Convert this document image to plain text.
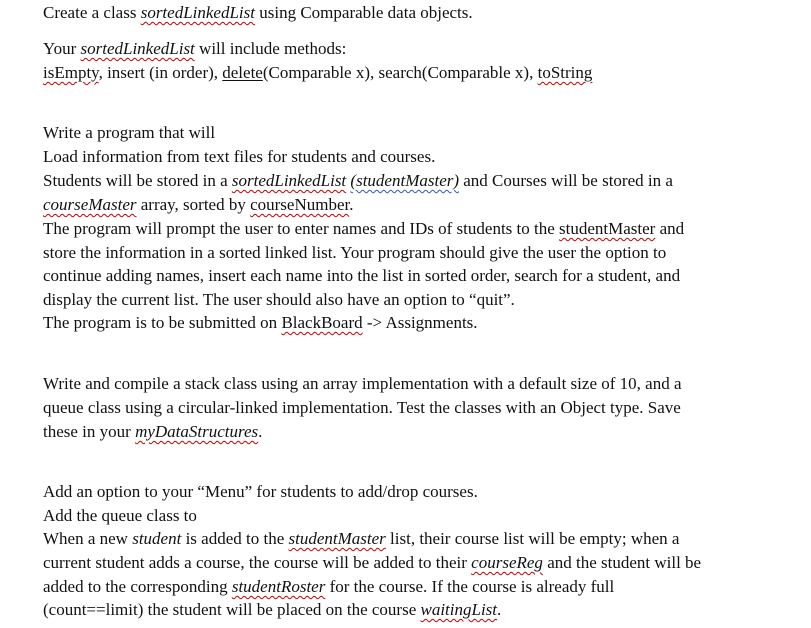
Create a class sortedLinkedList using Comparable data objects.

Your sortedLinkedList will include methods:

isEmpty, insert (in order), delete(Comparable x), search(Comparable x), toString

Write a program that will

Load information from text files for students and courses.

Students will be stored in a sortedLinkedList (studentMaster) and Courses will be stored in a

courseMaster array, sorted by courseNumber.

The program will prompt the user to enter names and IDs of students to the studentMaster and

store the information in a sorted linked list. Your program should give the user the option to

continue adding names, insert each name into the list in sorted order, search for a student, and

display the current list. The user should also have an option to “quit”.

The program is to be submitted on BlackBoard -> Assignments.

Write and compile a stack class using an array implementation with a default size of 10, and a

queue class using a circular-linked implementation. Test the classes with an Object type. Save

these in your myDataStructures.

Add an option to your “Menu” for students to add/drop courses.

Add the queue class to

When a new student is added to the studentMaster list, their course list will be empty; when a

current student adds a course, the course will be added to their courseReg and the student will be

added to the corresponding studentRoster for the course. If the course is already full

(count==limit) the student will be placed on the course waitingList.
